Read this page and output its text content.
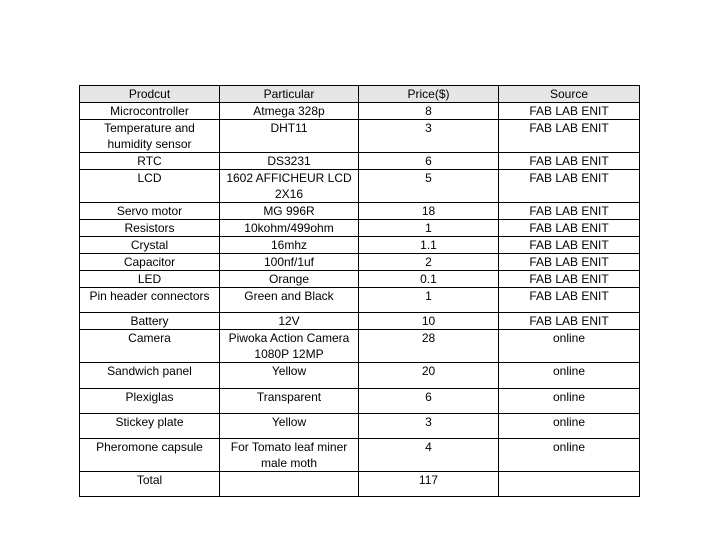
Prodcut	Particular	Price($)	Source
Microcontroller	Atmega 328p	8	FAB LAB ENIT
Temperature and humidity sensor	DHT11	3	FAB LAB ENIT
RTC	DS3231	6	FAB LAB ENIT
LCD	1602 AFFICHEUR LCD 2X16	5	FAB LAB ENIT
Servo motor	MG 996R	18	FAB LAB ENIT
Resistors	10kohm/499ohm	1	FAB LAB ENIT
Crystal	16mhz	1.1	FAB LAB ENIT
Capacitor	100nf/1uf	2	FAB LAB ENIT
LED	Orange	0.1	FAB LAB ENIT
Pin header connectors	Green and Black	1	FAB LAB ENIT
Battery	12V	10	FAB LAB ENIT
Camera	Piwoka Action Camera 1080P 12MP	28	online
Sandwich panel	Yellow	20	online
Plexiglas	Transparent	6	online
Stickey plate	Yellow	3	online
Pheromone capsule	For Tomato leaf miner male moth	4	online
Total		117	
